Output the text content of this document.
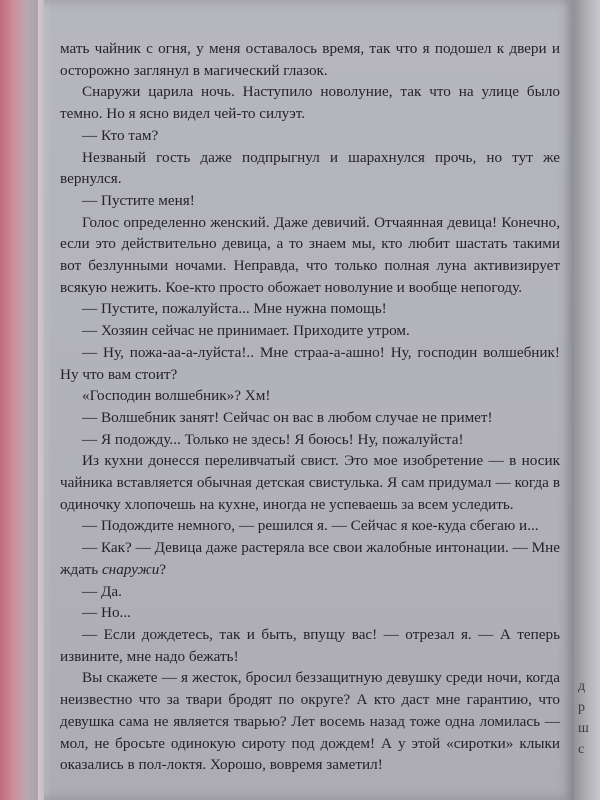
д
р
ш
с

мать чайник с огня, у меня оставалось время, так что я подошел к двери и осторожно заглянул в магический глазок.

Снаружи царила ночь. Наступило новолуние, так что на улице было темно. Но я ясно видел чей-то силуэт.

— Кто там?

Незваный гость даже подпрыгнул и шарахнулся прочь, но тут же вернулся.

— Пустите меня!

Голос определенно женский. Даже девичий. Отчаянная девица! Конечно, если это действительно девица, а то знаем мы, кто любит шастать такими вот безлунными ночами. Неправда, что только полная луна активизирует всякую нежить. Кое-кто просто обожает новолуние и вообще непогоду.

— Пустите, пожалуйста... Мне нужна помощь!

— Хозяин сейчас не принимает. Приходите утром.

— Ну, пожа-аа-а-луйста!.. Мне страа-а-ашно! Ну, господин волшебник! Ну что вам стоит?

«Господин волшебник»? Хм!

— Волшебник занят! Сейчас он вас в любом случае не примет!

— Я подожду... Только не здесь! Я боюсь! Ну, пожалуйста!

Из кухни донесся переливчатый свист. Это мое изобретение — в носик чайника вставляется обычная детская свистулька. Я сам придумал — когда в одиночку хлопочешь на кухне, иногда не успеваешь за всем уследить.

— Подождите немного, — решился я. — Сейчас я кое-куда сбегаю и...

— Как? — Девица даже растеряла все свои жалобные интонации. — Мне ждать снаружи?

— Да.

— Но...

— Если дождетесь, так и быть, впущу вас! — отрезал я. — А теперь извините, мне надо бежать!

Вы скажете — я жесток, бросил беззащитную девушку среди ночи, когда неизвестно что за твари бродят по округе? А кто даст мне гарантию, что девушка сама не является тварью? Лет восемь назад тоже одна ломилась — мол, не бросьте одинокую сироту под дождем! А у этой «сиротки» клыки оказались в пол-локтя. Хорошо, вовремя заметил!
